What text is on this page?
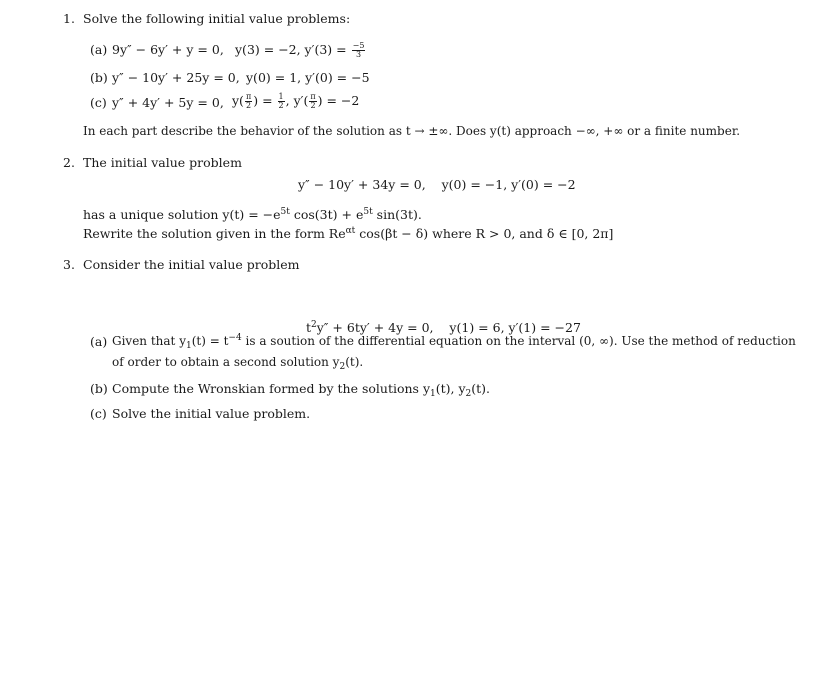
1. Solve the following initial value problems:
(a) 9y″ − 6y′ + y = 0, y(3) = −2, $y'(3) = \frac{-5}{3}$
(b) y″ − 10y′ + 25y = 0, y(0) = 1, y′(0) = −5
(c) y″ + 4y′ + 5y = 0, $y( \frac{\pi}{2}$ ) = $\frac{1}{2}$ , $y'( \frac{\pi}{2}$ ) = −2
In each part describe the behavior of the solution as t → ±∞. Does y(t) approach −∞, +∞ or a finite number.
2. The initial value problem
y″ − 10y′ + 34y = 0,    y(0) = −1, y′(0) = −2
has a unique solution $y(t) = -e^{5t}$ $\cos(3t) + e^{5t}$ sin(3t).
Rewrite the solution given in the form $Re^{\alpha t}$ cos(βt − δ) where R > 0, and δ ∈ [0, 2π]
3. Consider the initial value problem

$t^2y'' + 6ty' + 4y = 0$,    y(1) = 6, y′(1) = −27

(a) Given that $y_1(t) = t^{-4}$ is a soution of the differential equation on the interval (0, ∞). Use the method of reduction
of order to obtain a second solution $y_2(t)$.
(b) Compute the Wronskian formed by the solutions $y_1(t)$, $y_2(t)$.
(c) Solve the initial value problem.
